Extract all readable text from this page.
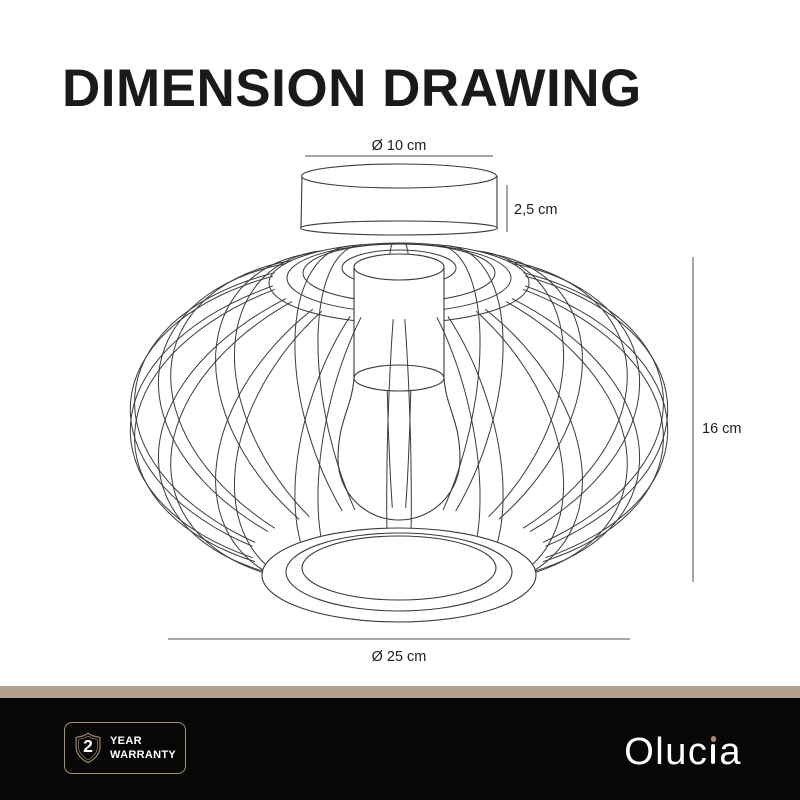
DIMENSION DRAWING
Ø 10 cm
2,5 cm
16 cm
Ø 25 cm
2 YEAR
WARRANTY	Oluc a
